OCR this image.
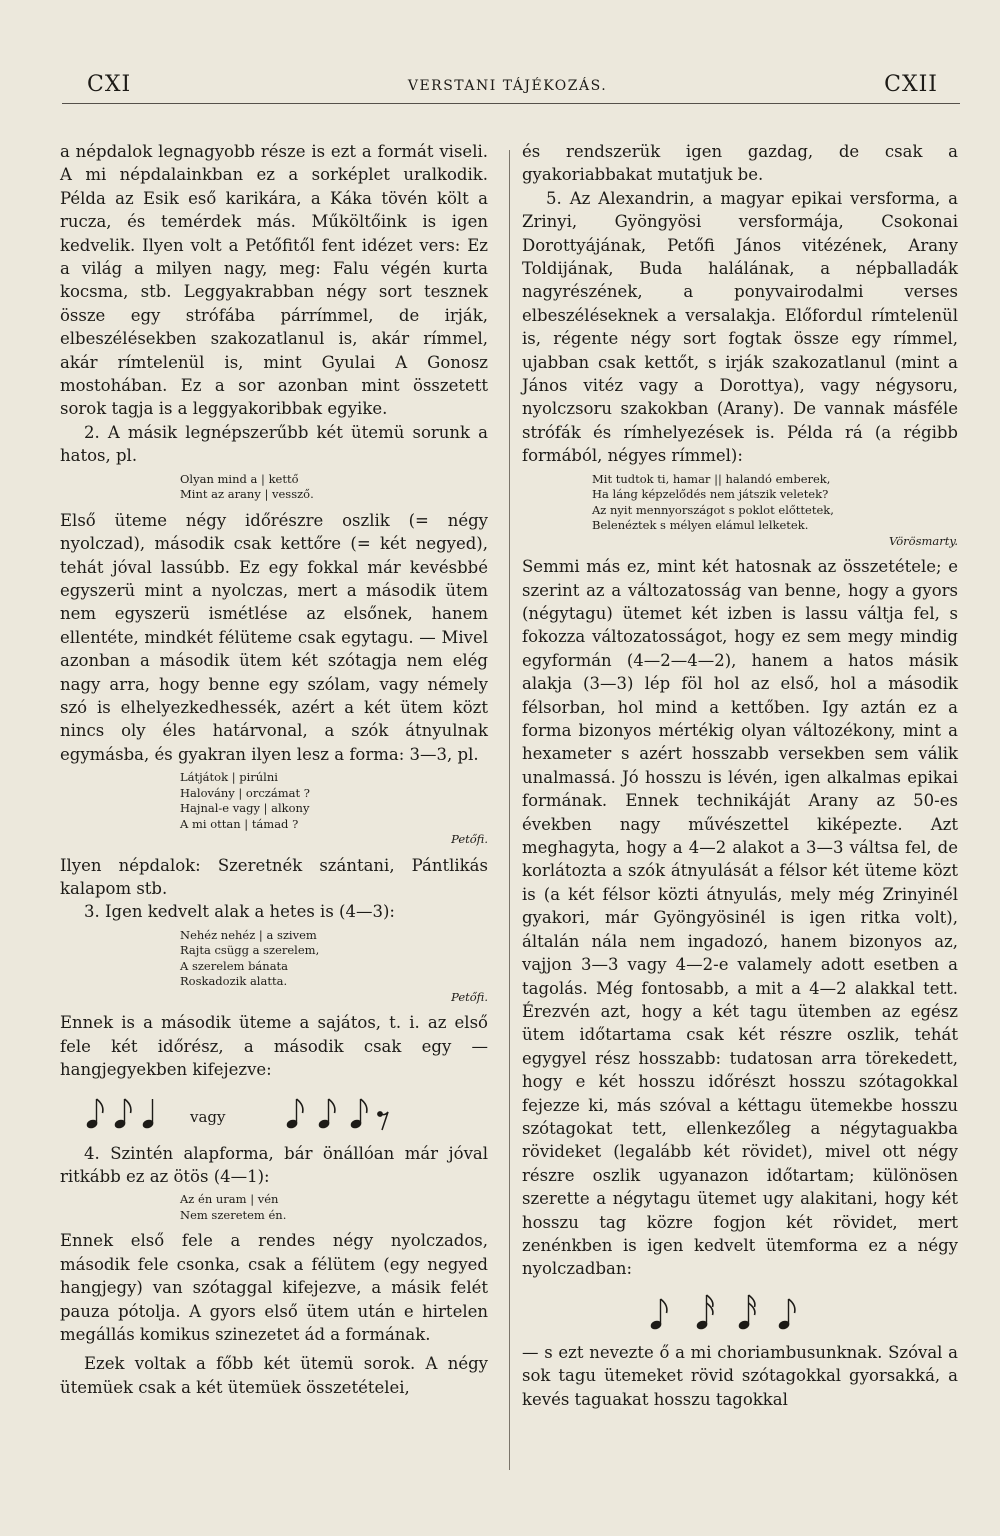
CXI	VERSTANI TÁJÉKOZÁS.	CXII

a népdalok legnagyobb része is ezt a formát viseli. A mi népdalainkban ez a sorképlet uralkodik. Példa az Esik eső karikára, a Káka tövén költ a rucza, és temérdek más. Műköltőink is igen kedvelik. Ilyen volt a Petőfitől fent idézet vers: Ez a világ a milyen nagy, meg: Falu végén kurta kocsma, stb. Leggyakrabban négy sort tesznek össze egy strófába párrímmel, de irják, elbeszélésekben szakozatlanul is, akár rímmel, akár rímtelenül is, mint Gyulai A Gonosz mostohában. Ez a sor azonban mint összetett sorok tagja is a leggyakoribbak egyike.

2. A másik legnépszerűbb két ütemü sorunk a hatos, pl.

Olyan mind a | kettő
Mint az arany | vessző.

Első üteme négy időrészre oszlik (= négy nyolczad), második csak kettőre (= két negyed), tehát jóval lassúbb. Ez egy fokkal már kevésbbé egyszerü mint a nyolczas, mert a második ütem nem egyszerü ismétlése az elsőnek, hanem ellentéte, mindkét félüteme csak egytagu. — Mivel azonban a második ütem két szótagja nem elég nagy arra, hogy benne egy szólam, vagy némely szó is elhelyezkedhessék, azért a két ütem közt nincs oly éles határvonal, a szók átnyulnak egymásba, és gyakran ilyen lesz a forma: 3—3, pl.

Látjátok | pirúlni
Halovány | orczámat ?
Hajnal-e vagy | alkony
A mi ottan | támad ?
Petőfi.

Ilyen népdalok: Szeretnék szántani, Pántlikás kalapom stb.

3. Igen kedvelt alak a hetes is (4—3):

Nehéz nehéz | a szivem
Rajta csügg a szerelem,
A szerelem bánata
Roskadozik alatta.
Petőfi.

Ennek is a második üteme a sajátos, t. i. az első fele két időrész, a második csak egy — hangjegyekben kifejezve:

vagy

4. Szintén alapforma, bár önállóan már jóval ritkább ez az ötös (4—1):

Az én uram | vén
Nem szeretem én.

Ennek első fele a rendes négy nyolczados, második fele csonka, csak a félütem (egy negyed hangjegy) van szótaggal kifejezve, a másik felét pauza pótolja. A gyors első ütem után e hirtelen megállás komikus szinezetet ád a formának.

Ezek voltak a főbb két ütemü sorok. A négy ütemüek csak a két ütemüek összetételei,

és rendszerük igen gazdag, de csak a gyakoriabbakat mutatjuk be.

5. Az Alexandrin, a magyar epikai versforma, a Zrinyi, Gyöngyösi versformája, Csokonai Dorottyájának, Petőfi János vitézének, Arany Toldijának, Buda halálának, a népballadák nagyrészének, a ponyvairodalmi verses elbeszéléseknek a versalakja. Előfordul rímtelenül is, régente négy sort fogtak össze egy rímmel, ujabban csak kettőt, s irják szakozatlanul (mint a János vitéz vagy a Dorottya), vagy négysoru, nyolczsoru szakokban (Arany). De vannak másféle strófák és rímhelyezések is. Példa rá (a régibb formából, négyes rímmel):

Mit tudtok ti, hamar || halandó emberek,
Ha láng képzelődés nem játszik veletek?
Az nyit mennyországot s poklot előttetek,
Belenéztek s mélyen elámul lelketek.
Vörösmarty.

Semmi más ez, mint két hatosnak az összetétele; e szerint az a változatosság van benne, hogy a gyors (négytagu) ütemet két izben is lassu váltja fel, s fokozza változatosságot, hogy ez sem megy mindig egyformán (4—2—4—2), hanem a hatos másik alakja (3—3) lép föl hol az első, hol a második félsorban, hol mind a kettőben. Igy aztán ez a forma bizonyos mértékig olyan változékony, mint a hexameter s azért hosszabb versekben sem válik unalmassá. Jó hosszu is lévén, igen alkalmas epikai formának. Ennek technikáját Arany az 50-es években nagy művészettel kiképezte. Azt meghagyta, hogy a 4—2 alakot a 3—3 váltsa fel, de korlátozta a szók átnyulását a félsor két üteme közt is (a két félsor közti átnyulás, mely még Zrinyinél gyakori, már Gyöngyösinél is igen ritka volt), általán nála nem ingadozó, hanem bizonyos az, vajjon 3—3 vagy 4—2-e valamely adott esetben a tagolás. Még fontosabb, a mit a 4—2 alakkal tett. Érezvén azt, hogy a két tagu ütemben az egész ütem időtartama csak két részre oszlik, tehát egygyel rész hosszabb: tudatosan arra törekedett, hogy e két hosszu időrészt hosszu szótagokkal fejezze ki, más szóval a kéttagu ütemekbe hosszu szótagokat tett, ellenkezőleg a négytaguakba rövideket (legalább két rövidet), mivel ott négy részre oszlik ugyanazon időtartam; különösen szerette a négytagu ütemet ugy alakitani, hogy két hosszu tag közre fogjon két rövidet, mert zenénkben is igen kedvelt ütemforma ez a négy nyolczadban:

— s ezt nevezte ő a mi choriambusunknak. Szóval a sok tagu ütemeket rövid szótagokkal gyorsakká, a kevés taguakat hosszu tagokkal
